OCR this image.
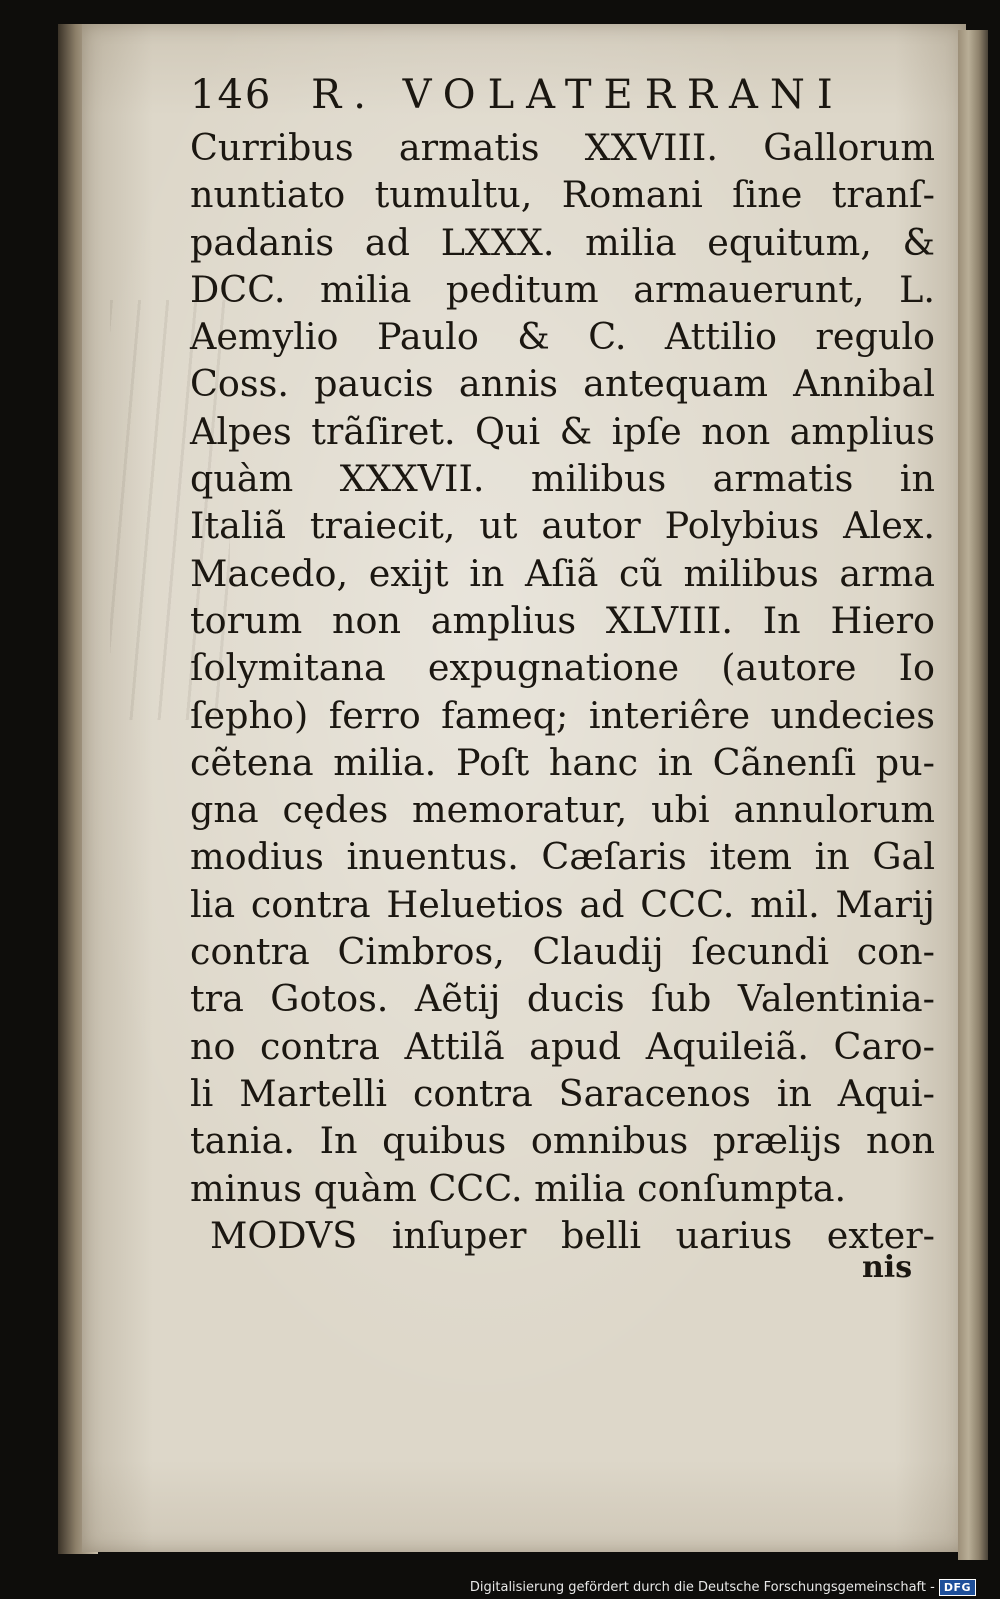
146 R. VOLATERRANI
Curribus armatis XXVIII. Gallorum
nuntiato tumultu, Romani ſine tranſ-
padanis ad LXXX. milia equitum, &
DCC. milia peditum armauerunt, L.
Aemylio Paulo & C. Attilio regulo
Coss. paucis annis antequam Annibal
Alpes trãſiret. Qui & ipſe non amplius
quàm XXXVII. milibus armatis in
Italiã traiecit, ut autor Polybius Alex.
Macedo, exijt in Aſiã cũ milibus arma
torum non amplius XLVIII. In Hiero
ſolymitana expugnatione (autore Io
ſepho) ferro fameq; interiêre undecies
cẽtena milia. Poſt hanc in Cãnenſi pu-
gna cędes memoratur, ubi annulorum
modius inuentus. Cæſaris item in Gal
lia contra Heluetios ad CCC. mil. Marij
contra Cimbros, Claudij ſecundi con-
tra Gotos. Aẽtij ducis ſub Valentinia-
no contra Attilã apud Aquileiã. Caro-
li Martelli contra Saracenos in Aqui-
tania. In quibus omnibus prælijs non
minus quàm CCC. milia conſumpta.
MODVS inſuper belli uarius exter-
nis
Digitalisierung gefördert durch die Deutsche Forschungsgemeinschaft - DFG
